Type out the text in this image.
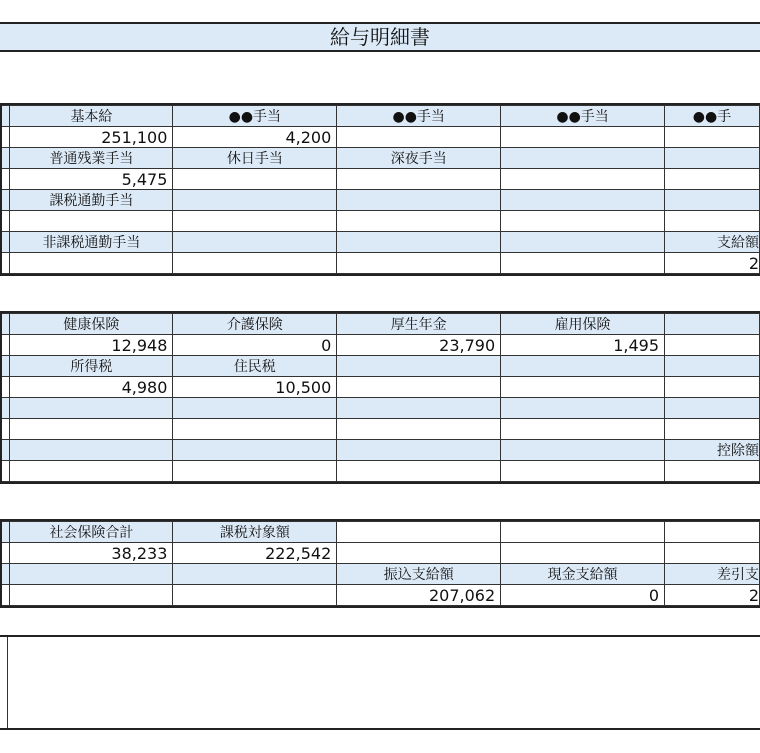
給与明細書
	基本給	●●手当	●●手当	●●手当	●●手
	251,100	4,200			
	普通残業手当	休日手当	深夜手当		
	5,475				
	課税通勤手当				

	非課税通勤手当				支給額
					2
	健康保険	介護保険	厚生年金	雇用保険	
	12,948	0	23,790	1,495	
	所得税	住民税			
	4,980	10,500			

					控除額

	社会保険合計	課税対象額			
	38,233	222,542			
			振込支給額	現金支給額	差引支
			207,062	0	2
